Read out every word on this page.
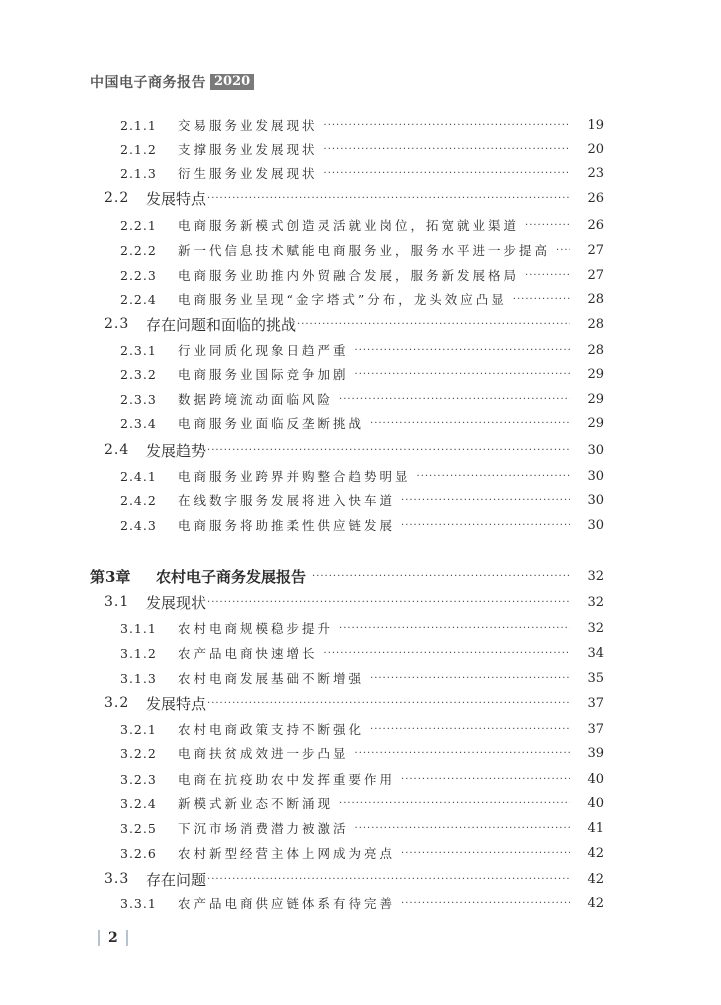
中国电子商务报告 2020
2.1.1	交易服务业发展现状 ·····	19
2.1.2	支撑服务业发展现状 ·····	20
2.1.3	衍生服务业发展现状 ·····	23
2.2	发展特点 ·····	26
2.2.1	电商服务新模式创造灵活就业岗位，拓宽就业渠道 ·····	26
2.2.2	新一代信息技术赋能电商服务业，服务水平进一步提高 ·····	27
2.2.3	电商服务业助推内外贸融合发展，服务新发展格局 ·····	27
2.2.4	电商服务业呈现“金字塔式”分布，龙头效应凸显 ·····	28
2.3	存在问题和面临的挑战 ·····	28
2.3.1	行业同质化现象日趋严重 ·····	28
2.3.2	电商服务业国际竞争加剧 ·····	29
2.3.3	数据跨境流动面临风险 ·····	29
2.3.4	电商服务业面临反垄断挑战 ·····	29
2.4	发展趋势 ·····	30
2.4.1	电商服务业跨界并购整合趋势明显 ·····	30
2.4.2	在线数字服务发展将进入快车道 ·····	30
2.4.3	电商服务将助推柔性供应链发展 ·····	30
第3章	农村电子商务发展报告 ·····	32
3.1	发展现状 ·····	32
3.1.1	农村电商规模稳步提升 ·····	32
3.1.2	农产品电商快速增长 ·····	34
3.1.3	农村电商发展基础不断增强 ·····	35
3.2	发展特点 ·····	37
3.2.1	农村电商政策支持不断强化 ·····	37
3.2.2	电商扶贫成效进一步凸显 ·····	39
3.2.3	电商在抗疫助农中发挥重要作用 ·····	40
3.2.4	新模式新业态不断涌现 ·····	40
3.2.5	下沉市场消费潜力被激活 ·····	41
3.2.6	农村新型经营主体上网成为亮点 ·····	42
3.3	存在问题 ·····	42
3.3.1	农产品电商供应链体系有待完善 ·····	42
2
